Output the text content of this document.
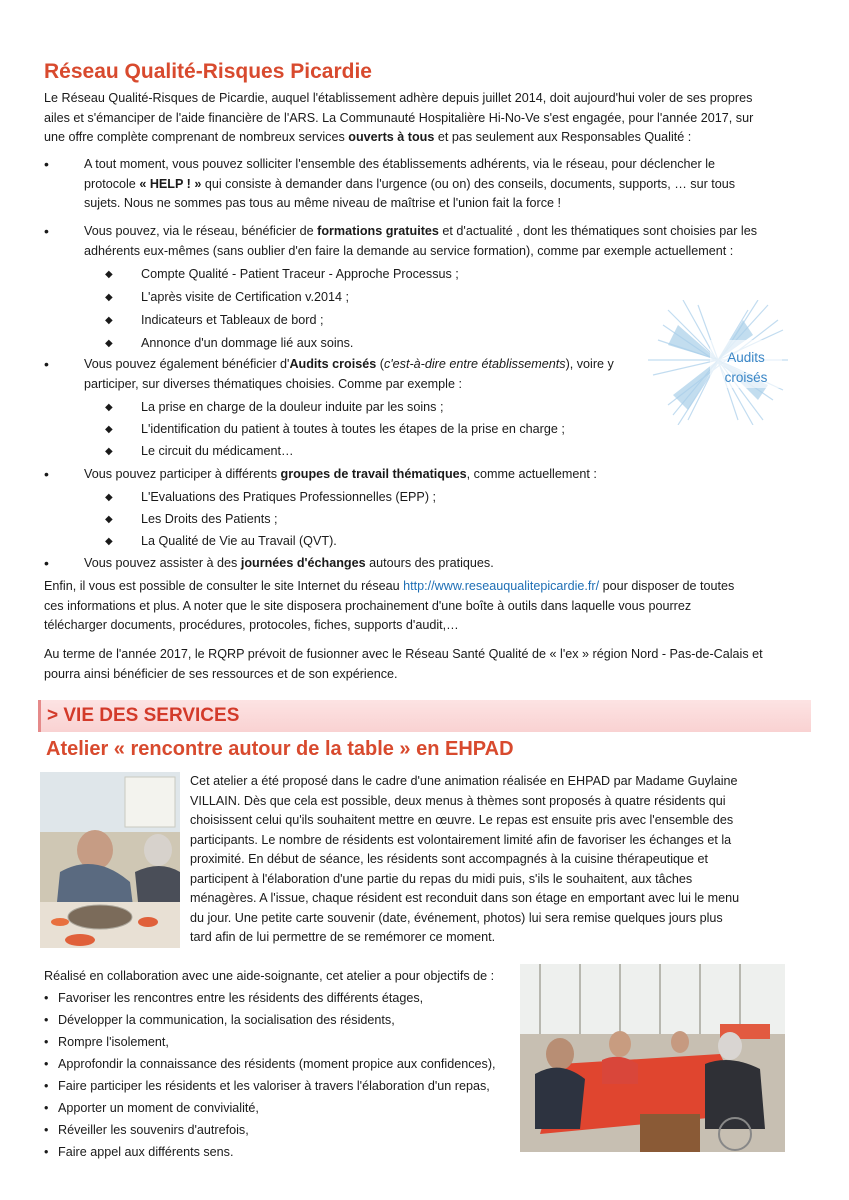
Réseau Qualité-Risques Picardie
Le Réseau Qualité-Risques de Picardie, auquel l'établissement adhère depuis juillet 2014, doit aujourd'hui voler de ses propres
ailes et s'émanciper de l'aide financière de l'ARS. La Communauté Hospitalière Hi-No-Ve s'est engagée, pour l'année 2017, sur
une offre complète comprenant de nombreux services ouverts à tous et pas seulement aux Responsables Qualité :
•	A tout moment, vous pouvez solliciter l'ensemble des établissements adhérents, via le réseau, pour déclencher le
protocole « HELP ! » qui consiste à demander dans l'urgence (ou on) des conseils, documents, supports, … sur tous
sujets. Nous ne sommes pas tous au même niveau de maîtrise et l'union fait la force !
•	Vous pouvez, via le réseau, bénéficier de formations gratuites et d'actualité , dont les thématiques sont choisies par les
adhérents eux-mêmes (sans oublier d'en faire la demande au service formation), comme par exemple actuellement :
◆ Compte Qualité - Patient Traceur - Approche Processus ;
◆ L'après visite de Certification v.2014 ;
◆ Indicateurs et Tableaux de bord ;
◆ Annonce d'un dommage lié aux soins.
Audits
croisés
•	Vous pouvez également bénéficier d'Audits croisés (c'est-à-dire entre établissements), voire y
participer, sur diverses thématiques choisies. Comme par exemple :
◆ La prise en charge de la douleur induite par les soins ;
◆ L'identification du patient à toutes à toutes les étapes de la prise en charge ;
◆ Le circuit du médicament…
•	Vous pouvez participer à différents groupes de travail thématiques, comme actuellement :
◆ L'Evaluations des Pratiques Professionnelles (EPP) ;
◆ Les Droits des Patients ;
◆ La Qualité de Vie au Travail (QVT).
•	Vous pouvez assister à des journées d'échanges autours des pratiques.
Enfin, il vous est possible de consulter le site Internet du réseau http://www.reseauqualitepicardie.fr/ pour disposer de toutes
ces informations et plus. A noter que le site disposera prochainement d'une boîte à outils dans laquelle vous pourrez
télécharger documents, procédures, protocoles, fiches, supports d'audit,…
Au terme de l'année 2017, le RQRP prévoit de fusionner avec le Réseau Santé Qualité de « l'ex » région Nord - Pas-de-Calais et
pourra ainsi bénéficier de ses ressources et de son expérience.
> VIE DES SERVICES
Atelier « rencontre autour de la table » en EHPAD
Cet atelier a été proposé dans le cadre d'une animation réalisée en EHPAD par Madame Guylaine
VILLAIN. Dès que cela est possible, deux menus à thèmes sont proposés à quatre résidents qui
choisissent celui qu'ils souhaitent mettre en œuvre. Le repas est ensuite pris avec l'ensemble des
participants. Le nombre de résidents est volontairement limité afin de favoriser les échanges et la
proximité. En début de séance, les résidents sont accompagnés à la cuisine thérapeutique et
participent à l'élaboration d'une partie du repas du midi puis, s'ils le souhaitent, aux tâches
ménagères. A l'issue, chaque résident est reconduit dans son étage en emportant avec lui le menu
du jour. Une petite carte souvenir (date, événement, photos) lui sera remise quelques jours plus
tard afin de lui permettre de se remémorer ce moment.
Réalisé en collaboration avec une aide-soignante, cet atelier a pour objectifs de :
• Favoriser les rencontres entre les résidents des différents étages,
• Développer la communication, la socialisation des résidents,
• Rompre l'isolement,
• Approfondir la connaissance des résidents (moment propice aux confidences),
• Faire participer les résidents et les valoriser à travers l'élaboration d'un repas,
• Apporter un moment de convivialité,
• Réveiller les souvenirs d'autrefois,
• Faire appel aux différents sens.
